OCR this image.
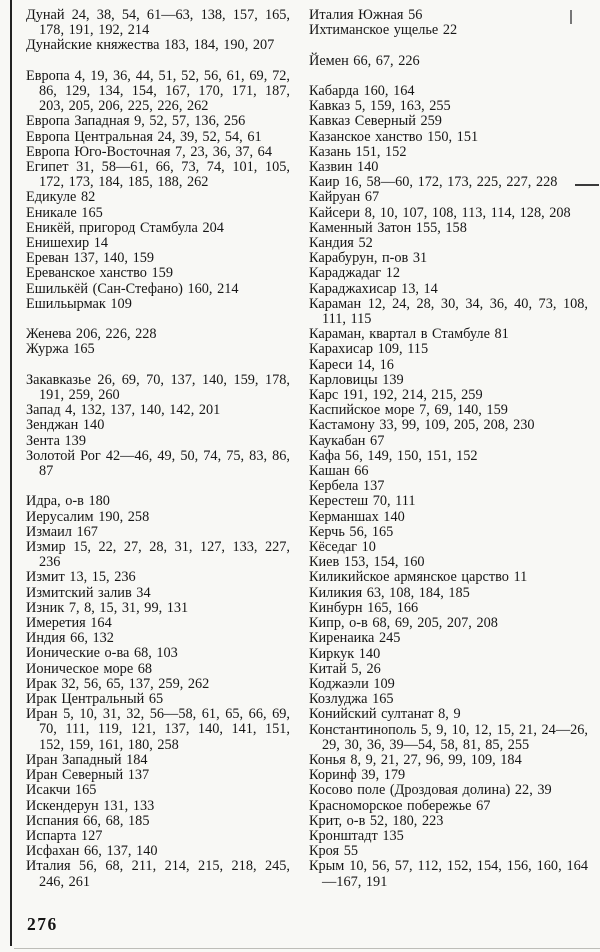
Дунай 24, 38, 54, 61—63, 138, 157, 165, 178, 191, 192, 214
Дунайские княжества 183, 184, 190, 207
Европа 4, 19, 36, 44, 51, 52, 56, 61, 69, 72, 86, 129, 134, 154, 167, 170, 171, 187, 203, 205, 206, 225, 226, 262
Европа Западная 9, 52, 57, 136, 256
Европа Центральная 24, 39, 52, 54, 61
Европа Юго-Восточная 7, 23, 36, 37, 64
Египет 31, 58—61, 66, 73, 74, 101, 105, 172, 173, 184, 185, 188, 262
Едикуле 82
Еникале 165
Еникёй, пригород Стамбула 204
Енишехир 14
Ереван 137, 140, 159
Ереванское ханство 159
Ешилькёй (Сан-Стефано) 160, 214
Ешильырмак 109
Женева 206, 226, 228
Журжа 165
Закавказье 26, 69, 70, 137, 140, 159, 178, 191, 259, 260
Запад 4, 132, 137, 140, 142, 201
Зенджан 140
Зента 139
Золотой Рог 42—46, 49, 50, 74, 75, 83, 86, 87
Идра, о-в 180
Иерусалим 190, 258
Измаил 167
Измир 15, 22, 27, 28, 31, 127, 133, 227, 236
Измит 13, 15, 236
Измитский залив 34
Изник 7, 8, 15, 31, 99, 131
Имеретия 164
Индия 66, 132
Ионические о-ва 68, 103
Ионическое море 68
Ирак 32, 56, 65, 137, 259, 262
Ирак Центральный 65
Иран 5, 10, 31, 32, 56—58, 61, 65, 66, 69, 70, 111, 119, 121, 137, 140, 141, 151, 152, 159, 161, 180, 258
Иран Западный 184
Иран Северный 137
Исакчи 165
Искендерун 131, 133
Испания 66, 68, 185
Испарта 127
Исфахан 66, 137, 140
Италия 56, 68, 211, 214, 215, 218, 245, 246, 261
Италия Южная 56
Ихтиманское ущелье 22
Йемен 66, 67, 226
Кабарда 160, 164
Кавказ 5, 159, 163, 255
Кавказ Северный 259
Казанское ханство 150, 151
Казань 151, 152
Казвин 140
Каир 16, 58—60, 172, 173, 225, 227, 228
Кайруан 67
Кайсери 8, 10, 107, 108, 113, 114, 128, 208
Каменный Затон 155, 158
Кандия 52
Карабурун, п-ов 31
Караджадаг 12
Караджахисар 13, 14
Караман 12, 24, 28, 30, 34, 36, 40, 73, 108, 111, 115
Караман, квартал в Стамбуле 81
Карахисар 109, 115
Кареси 14, 16
Карловицы 139
Карс 191, 192, 214, 215, 259
Каспийское море 7, 69, 140, 159
Кастамону 33, 99, 109, 205, 208, 230
Каукабан 67
Кафа 56, 149, 150, 151, 152
Кашан 66
Кербела 137
Керестеш 70, 111
Керманшах 140
Керчь 56, 165
Кёседаг 10
Киев 153, 154, 160
Киликийское армянское царство 11
Киликия 63, 108, 184, 185
Кинбурн 165, 166
Кипр, о-в 68, 69, 205, 207, 208
Киренаика 245
Киркук 140
Китай 5, 26
Коджаэли 109
Козлуджа 165
Конийский султанат 8, 9
Константинополь 5, 9, 10, 12, 15, 21, 24—26, 29, 30, 36, 39—54, 58, 81, 85, 255
Конья 8, 9, 21, 27, 96, 99, 109, 184
Коринф 39, 179
Косово поле (Дроздовая долина) 22, 39
Красноморское побережье 67
Крит, о-в 52, 180, 223
Кронштадт 135
Кроя 55
Крым 10, 56, 57, 112, 152, 154, 156, 160, 164—167, 191
276
